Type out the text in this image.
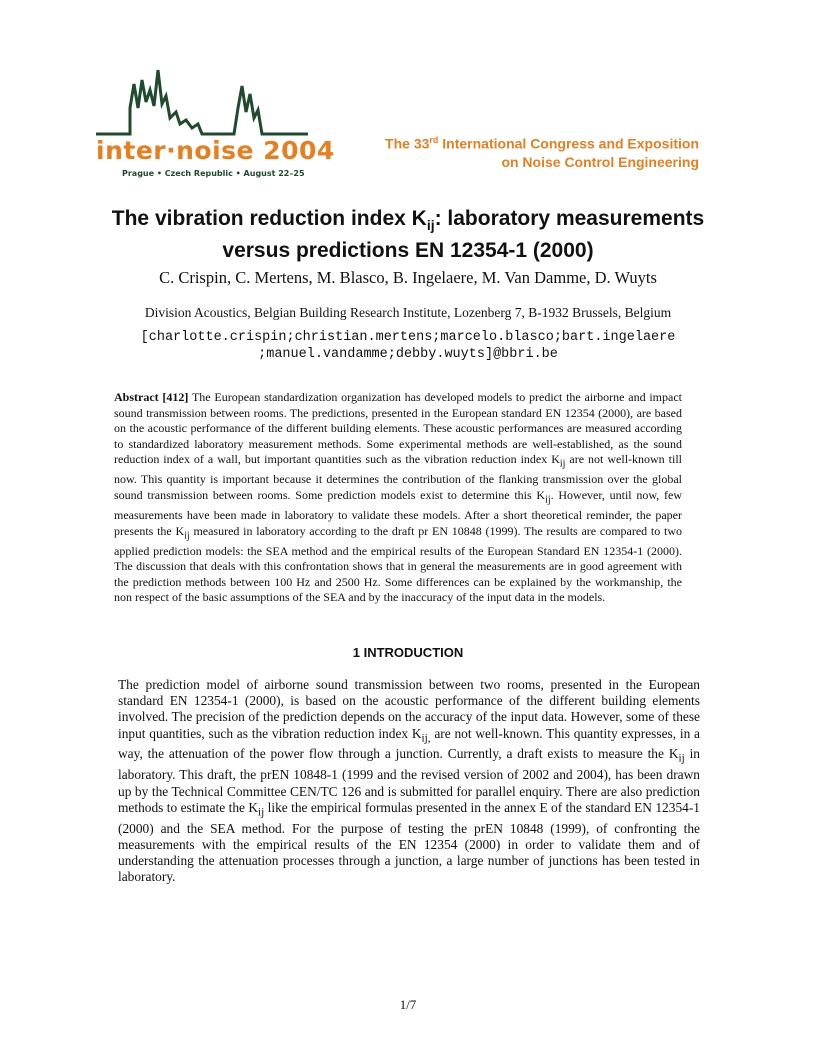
inter·noise 2004
Prague • Czech Republic • August 22–25
The 33rd International Congress and Exposition
on Noise Control Engineering
The vibration reduction index $K_{ij}$: laboratory measurements
versus predictions EN 12354-1 (2000)
C. Crispin, C. Mertens, M. Blasco, B. Ingelaere, M. Van Damme, D. Wuyts
Division Acoustics, Belgian Building Research Institute, Lozenberg 7, B-1932 Brussels, Belgium
[charlotte.crispin;christian.mertens;marcelo.blasco;bart.ingelaere
;manuel.vandamme;debby.wuyts]@bbri.be
Abstract [412] The European standardization organization has developed models to predict the airborne and impact sound transmission between rooms. The predictions, presented in the European standard EN 12354 (2000), are based on the acoustic performance of the different building elements. These acoustic performances are measured according to standardized laboratory measurement methods. Some experimental methods are well-established, as the sound reduction index of a wall, but important quantities such as the vibration reduction index $K_{ij}$ are not well-known till now. This quantity is important because it determines the contribution of the flanking transmission over the global sound transmission between rooms. Some prediction models exist to determine this $K_{ij}$. However, until now, few measurements have been made in laboratory to validate these models. After a short theoretical reminder, the paper presents the $K_{ij}$ measured in laboratory according to the draft pr EN 10848 (1999). The results are compared to two applied prediction models: the SEA method and the empirical results of the European Standard EN 12354-1 (2000). The discussion that deals with this confrontation shows that in general the measurements are in good agreement with the prediction methods between 100 Hz and 2500 Hz. Some differences can be explained by the workmanship, the non respect of the basic assumptions of the SEA and by the inaccuracy of the input data in the models.
1 INTRODUCTION
The prediction model of airborne sound transmission between two rooms, presented in the European standard EN 12354-1 (2000), is based on the acoustic performance of the different building elements involved. The precision of the prediction depends on the accuracy of the input data. However, some of these input quantities, such as the vibration reduction index $K_{ij,}$ are not well-known. This quantity expresses, in a way, the attenuation of the power flow through a junction. Currently, a draft exists to measure the $K_{ij}$ in laboratory. This draft, the prEN 10848-1 (1999 and the revised version of 2002 and 2004), has been drawn up by the Technical Committee CEN/TC 126 and is submitted for parallel enquiry. There are also prediction methods to estimate the $K_{ij}$ like the empirical formulas presented in the annex E of the standard EN 12354-1 (2000) and the SEA method. For the purpose of testing the prEN 10848 (1999), of confronting the measurements with the empirical results of the EN 12354 (2000) in order to validate them and of understanding the attenuation processes through a junction, a large number of junctions has been tested in laboratory.
1/7
